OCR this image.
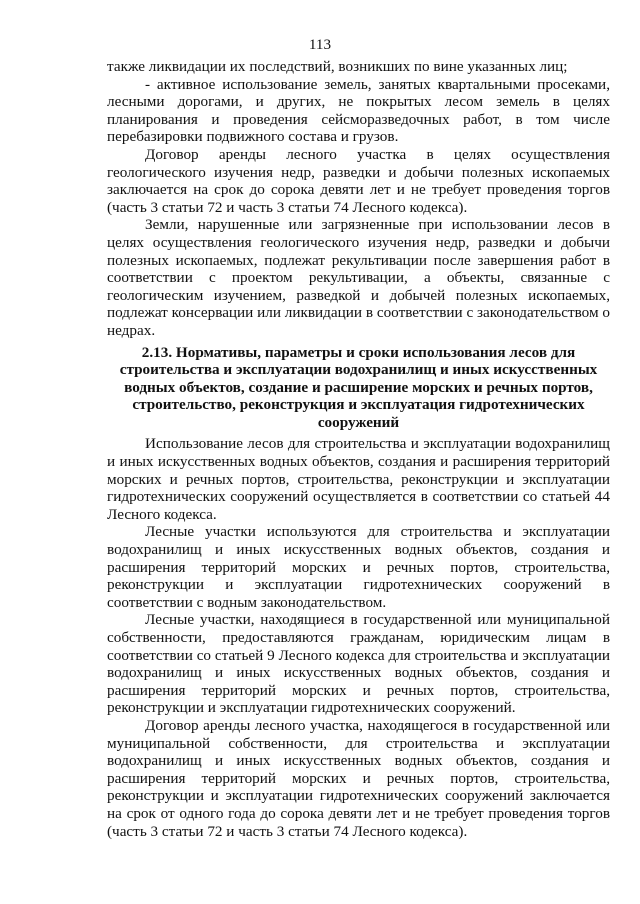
113

также ликвидации их последствий, возникших по вине указанных лиц;

- активное использование земель, занятых квартальными просеками, лесными дорогами, и других, не покрытых лесом земель в целях планирования и проведения сейсморазведочных работ, в том числе перебазировки подвижного состава и грузов.

Договор аренды лесного участка в целях осуществления геологического изучения недр, разведки и добычи полезных ископаемых заключается на срок до сорока девяти лет и не требует проведения торгов (часть 3 статьи 72 и часть 3 статьи 74 Лесного кодекса).

Земли, нарушенные или загрязненные при использовании лесов в целях осуществления геологического изучения недр, разведки и добычи полезных ископаемых, подлежат рекультивации после завершения работ в соответствии с проектом рекультивации, а объекты, связанные с геологическим изучением, разведкой и добычей полезных ископаемых, подлежат консервации или ликвидации в соответствии с законодательством о недрах.

2.13. Нормативы, параметры и сроки использования лесов для строительства и эксплуатации водохранилищ и иных искусственных водных объектов, создание и расширение морских и речных портов, строительство, реконструкция и эксплуатация гидротехнических сооружений

Использование лесов для строительства и эксплуатации водохранилищ и иных искусственных водных объектов, создания и расширения территорий морских и речных портов, строительства, реконструкции и эксплуатации гидротехнических сооружений осуществляется в соответствии со статьей 44 Лесного кодекса.

Лесные участки используются для строительства и эксплуатации водохранилищ и иных искусственных водных объектов, создания и расширения территорий морских и речных портов, строительства, реконструкции и эксплуатации гидротехнических сооружений в соответствии с водным законодательством.

Лесные участки, находящиеся в государственной или муниципальной собственности, предоставляются гражданам, юридическим лицам в соответствии со статьей 9 Лесного кодекса для строительства и эксплуатации водохранилищ и иных искусственных водных объектов, создания и расширения территорий морских и речных портов, строительства, реконструкции и эксплуатации гидротехнических сооружений.

Договор аренды лесного участка, находящегося в государственной или муниципальной собственности, для строительства и эксплуатации водохранилищ и иных искусственных водных объектов, создания и расширения территорий морских и речных портов, строительства, реконструкции и эксплуатации гидротехнических сооружений заключается на срок от одного года до сорока девяти лет и не требует проведения торгов (часть 3 статьи 72 и часть 3 статьи 74 Лесного кодекса).
